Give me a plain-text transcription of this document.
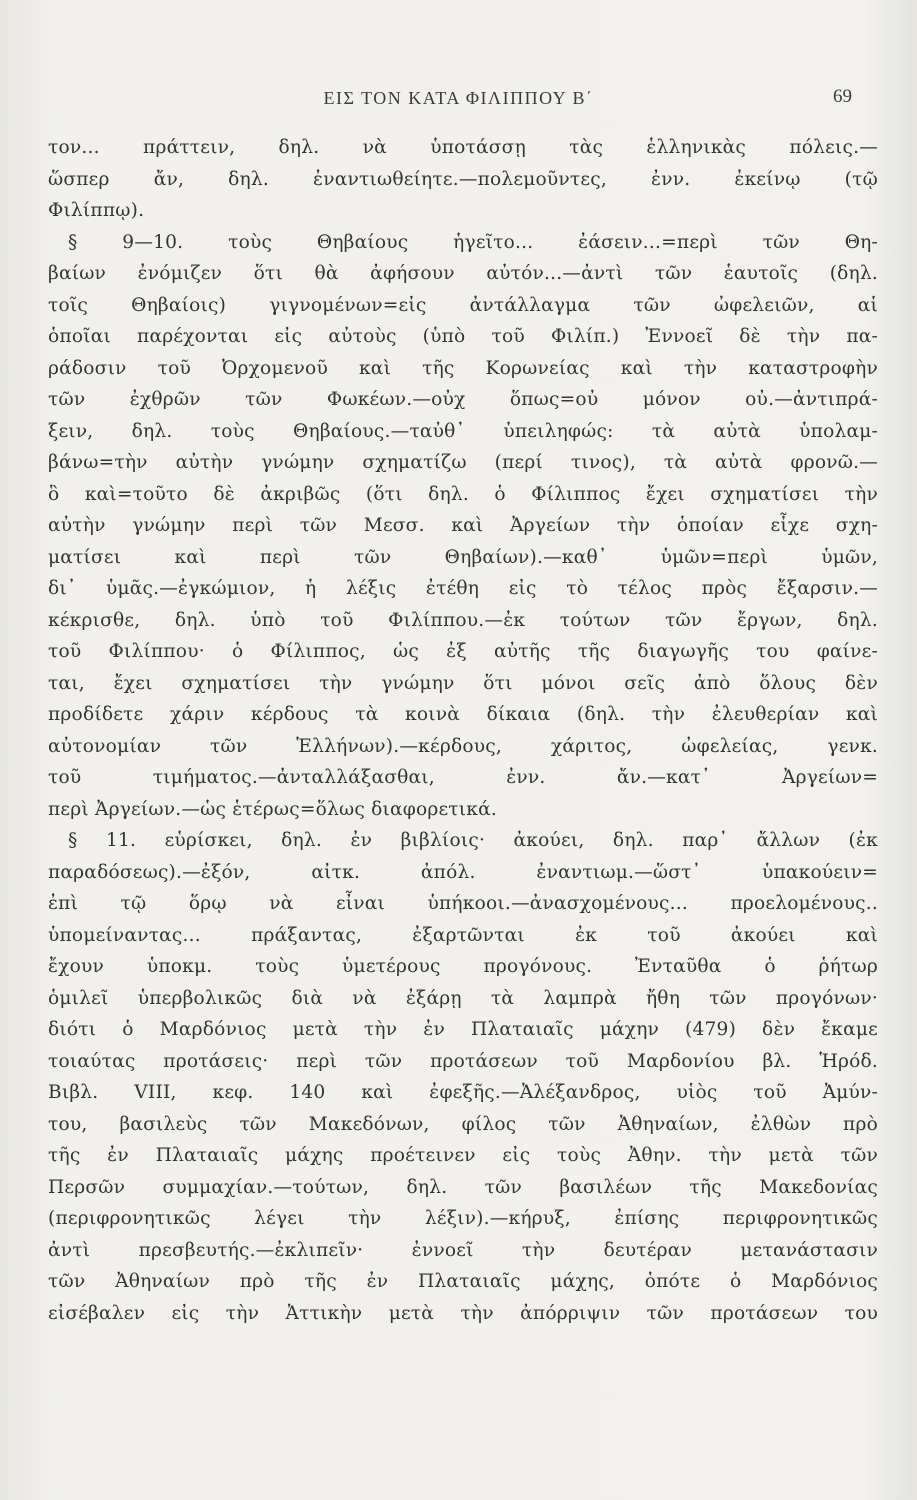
ΕΙΣ ΤΟΝ ΚΑΤΑ ΦΙΛΙΠΠΟΥ Β΄	69
τον... πράττειν, δηλ. νὰ ὑποτάσσῃ τὰς ἑλληνικὰς πόλεις.—
ὥσπερ ἄν, δηλ. ἐναντιωθείητε.—πολεμοῦντες, ἐνν. ἐκείνῳ (τῷ
Φιλίππῳ).
§ 9—10. τοὺς Θηβαίους ἡγεῖτο... ἐάσειν...=περὶ τῶν Θη-
βαίων ἐνόμιζεν ὅτι θὰ ἀφήσουν αὐτόν...—ἀντὶ τῶν ἑαυτοῖς (δηλ.
τοῖς Θηβαίοις) γιγνομένων=εἰς ἀντάλλαγμα τῶν ὠφελειῶν, αἱ
ὁποῖαι παρέχονται εἰς αὐτοὺς (ὑπὸ τοῦ Φιλίπ.) Ἐννοεῖ δὲ τὴν πα-
ράδοσιν τοῦ Ὀρχομενοῦ καὶ τῆς Κορωνείας καὶ τὴν καταστροφὴν
τῶν ἐχθρῶν τῶν Φωκέων.—οὐχ ὅπως=οὐ μόνον οὐ.—ἀντιπρά-
ξειν, δηλ. τοὺς Θηβαίους.—ταὐθ᾽ ὑπειληφώς: τὰ αὐτὰ ὑπολαμ-
βάνω=τὴν αὐτὴν γνώμην σχηματίζω (περί τινος), τὰ αὐτὰ φρονῶ.—
ὃ καὶ=τοῦτο δὲ ἀκριβῶς (ὅτι δηλ. ὁ Φίλιππος ἔχει σχηματίσει τὴν
αὐτὴν γνώμην περὶ τῶν Μεσσ. καὶ Ἀργείων τὴν ὁποίαν εἶχε σχη-
ματίσει καὶ περὶ τῶν Θηβαίων).—καθ᾽ ὑμῶν=περὶ ὑμῶν,
δι᾽ ὑμᾶς.—ἐγκώμιον, ἡ λέξις ἐτέθη εἰς τὸ τέλος πρὸς ἔξαρσιν.—
κέκρισθε, δηλ. ὑπὸ τοῦ Φιλίππου.—ἐκ τούτων τῶν ἔργων, δηλ.
τοῦ Φιλίππου· ὁ Φίλιππος, ὡς ἐξ αὐτῆς τῆς διαγωγῆς του φαίνε-
ται, ἔχει σχηματίσει τὴν γνώμην ὅτι μόνοι σεῖς ἀπὸ ὅλους δὲν
προδίδετε χάριν κέρδους τὰ κοινὰ δίκαια (δηλ. τὴν ἐλευθερίαν καὶ
αὐτονομίαν τῶν Ἑλλήνων).—κέρδους, χάριτος, ὠφελείας, γενκ.
τοῦ τιμήματος.—ἀνταλλάξασθαι, ἐνν. ἄν.—κατ᾽ Ἀργείων=
περὶ Ἀργείων.—ὡς ἑτέρως=ὅλως διαφορετικά.
§ 11. εὑρίσκει, δηλ. ἐν βιβλίοις· ἀκούει, δηλ. παρ᾽ ἄλλων (ἐκ
παραδόσεως).—ἐξόν, αἰτκ. ἀπόλ. ἐναντιωμ.—ὥστ᾽ ὑπακούειν=
ἐπὶ τῷ ὅρῳ νὰ εἶναι ὑπήκοοι.—ἀνασχομένους... προελομένους..
ὑπομείναντας... πράξαντας, ἐξαρτῶνται ἐκ τοῦ ἀκούει καὶ
ἔχουν ὑποκμ. τοὺς ὑμετέρους προγόνους. Ἐνταῦθα ὁ ῥήτωρ
ὁμιλεῖ ὑπερβολικῶς διὰ νὰ ἐξάρῃ τὰ λαμπρὰ ἤθη τῶν προγόνων·
διότι ὁ Μαρδόνιος μετὰ τὴν ἐν Πλαταιαῖς μάχην (479) δὲν ἔκαμε
τοιαύτας προτάσεις· περὶ τῶν προτάσεων τοῦ Μαρδονίου βλ. Ἡρόδ.
Βιβλ. VIII, κεφ. 140 καὶ ἐφεξῆς.—Ἀλέξανδρος, υἱὸς τοῦ Ἀμύν-
του, βασιλεὺς τῶν Μακεδόνων, φίλος τῶν Ἀθηναίων, ἐλθὼν πρὸ
τῆς ἐν Πλαταιαῖς μάχης προέτεινεν εἰς τοὺς Ἀθην. τὴν μετὰ τῶν
Περσῶν συμμαχίαν.—τούτων, δηλ. τῶν βασιλέων τῆς Μακεδονίας
(περιφρονητικῶς λέγει τὴν λέξιν).—κήρυξ, ἐπίσης περιφρονητικῶς
ἀντὶ πρεσβευτής.—ἐκλιπεῖν· ἐννοεῖ τὴν δευτέραν μετανάστασιν
τῶν Ἀθηναίων πρὸ τῆς ἐν Πλαταιαῖς μάχης, ὁπότε ὁ Μαρδόνιος
εἰσέβαλεν εἰς τὴν Ἀττικὴν μετὰ τὴν ἀπόρριψιν τῶν προτάσεων του
